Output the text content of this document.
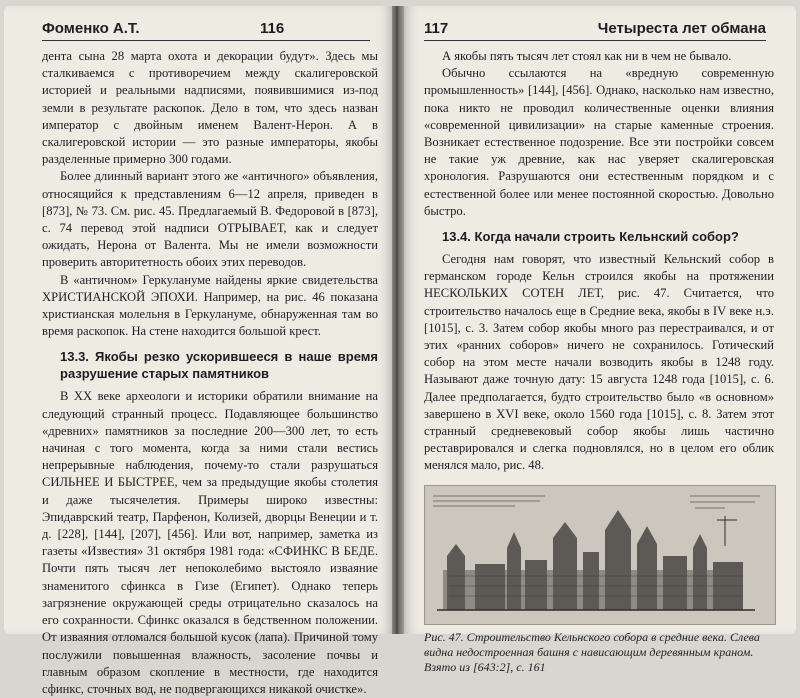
Фоменко А.Т.	116

дента сына 28 марта охота и декорации будут». Здесь мы сталкиваемся с противоречием между скалигеровской историей и реальными надписями, появившимися из-под земли в результате раскопок. Дело в том, что здесь назван император с двойным именем Валент-Нерон. А в скалигеровской истории — это разные императоры, якобы разделенные примерно 300 годами.

Более длинный вариант этого же «античного» объявления, относящийся к представлениям 6—12 апреля, приведен в [873], № 73. См. рис. 45. Предлагаемый В. Федоровой в [873], с. 74 перевод этой надписи ОТРЫВАЕТ, как и следует ожидать, Нерона от Валента. Мы не имели возможности проверить авторитетность обоих этих переводов.

В «античном» Геркулануме найдены яркие свидетельства ХРИСТИАНСКОЙ ЭПОХИ. Например, на рис. 46 показана христианская молельня в Геркулануме, обнаруженная там во время раскопок. На стене находится большой крест.

13.3. Якобы резко ускорившееся в наше время разрушение старых памятников

В XX веке археологи и историки обратили внимание на следующий странный процесс. Подавляющее большинство «древних» памятников за последние 200—300 лет, то есть начиная с того момента, когда за ними стали вестись непрерывные наблюдения, почему-то стали разрушаться СИЛЬНЕЕ И БЫСТРЕЕ, чем за предыдущие якобы столетия и даже тысячелетия. Примеры широко известны: Эпидаврский театр, Парфенон, Колизей, дворцы Венеции и т. д. [228], [144], [207], [456]. Или вот, например, заметка из газеты «Известия» 31 октября 1981 года: «СФИНКС В БЕДЕ. Почти пять тысяч лет непоколебимо выстояло изваяние знаменитого сфинкса в Гизе (Египет). Однако теперь загрязнение окружающей среды отрицательно сказалось на его сохранности. Сфинкс оказался в бедственном положении. От изваяния отломался большой кусок (лапа). Причиной тому послужили повышенная влажность, засоление почвы и главным образом скопление в местности, где находится сфинкс, сточных вод, не подвергающихся никакой очистке».

117	Четыреста лет обмана

А якобы пять тысяч лет стоял как ни в чем не бывало.

Обычно ссылаются на «вредную современную промышленность» [144], [456]. Однако, насколько нам известно, пока никто не проводил количественные оценки влияния «современной цивилизации» на старые каменные строения. Возникает естественное подозрение. Все эти постройки совсем не такие уж древние, как нас уверяет скалигеровская хронология. Разрушаются они естественным порядком и с естественной более или менее постоянной скоростью. Довольно быстро.

13.4. Когда начали строить Кельнский собор?

Сегодня нам говорят, что известный Кельнский собор в германском городе Кельн строился якобы на протяжении НЕСКОЛЬКИХ СОТЕН ЛЕТ, рис. 47. Считается, что строительство началось еще в Средние века, якобы в IV веке н.э. [1015], с. 3. Затем собор якобы много раз перестраивался, и от этих «ранних соборов» ничего не сохранилось. Готический собор на этом месте начали возводить якобы в 1248 году. Называют даже точную дату: 15 августа 1248 года [1015], с. 6. Далее предполагается, будто строительство было «в основном» завершено в XVI веке, около 1560 года [1015], с. 8. Затем этот странный средневековый собор якобы лишь частично реставрировался и слегка подновлялся, но в целом его облик менялся мало, рис. 48.

Рис. 47. Строительство Кельнского собора в средние века. Слева видна недостроенная башня с нависающим деревянным краном. Взято из [643:2], с. 161
